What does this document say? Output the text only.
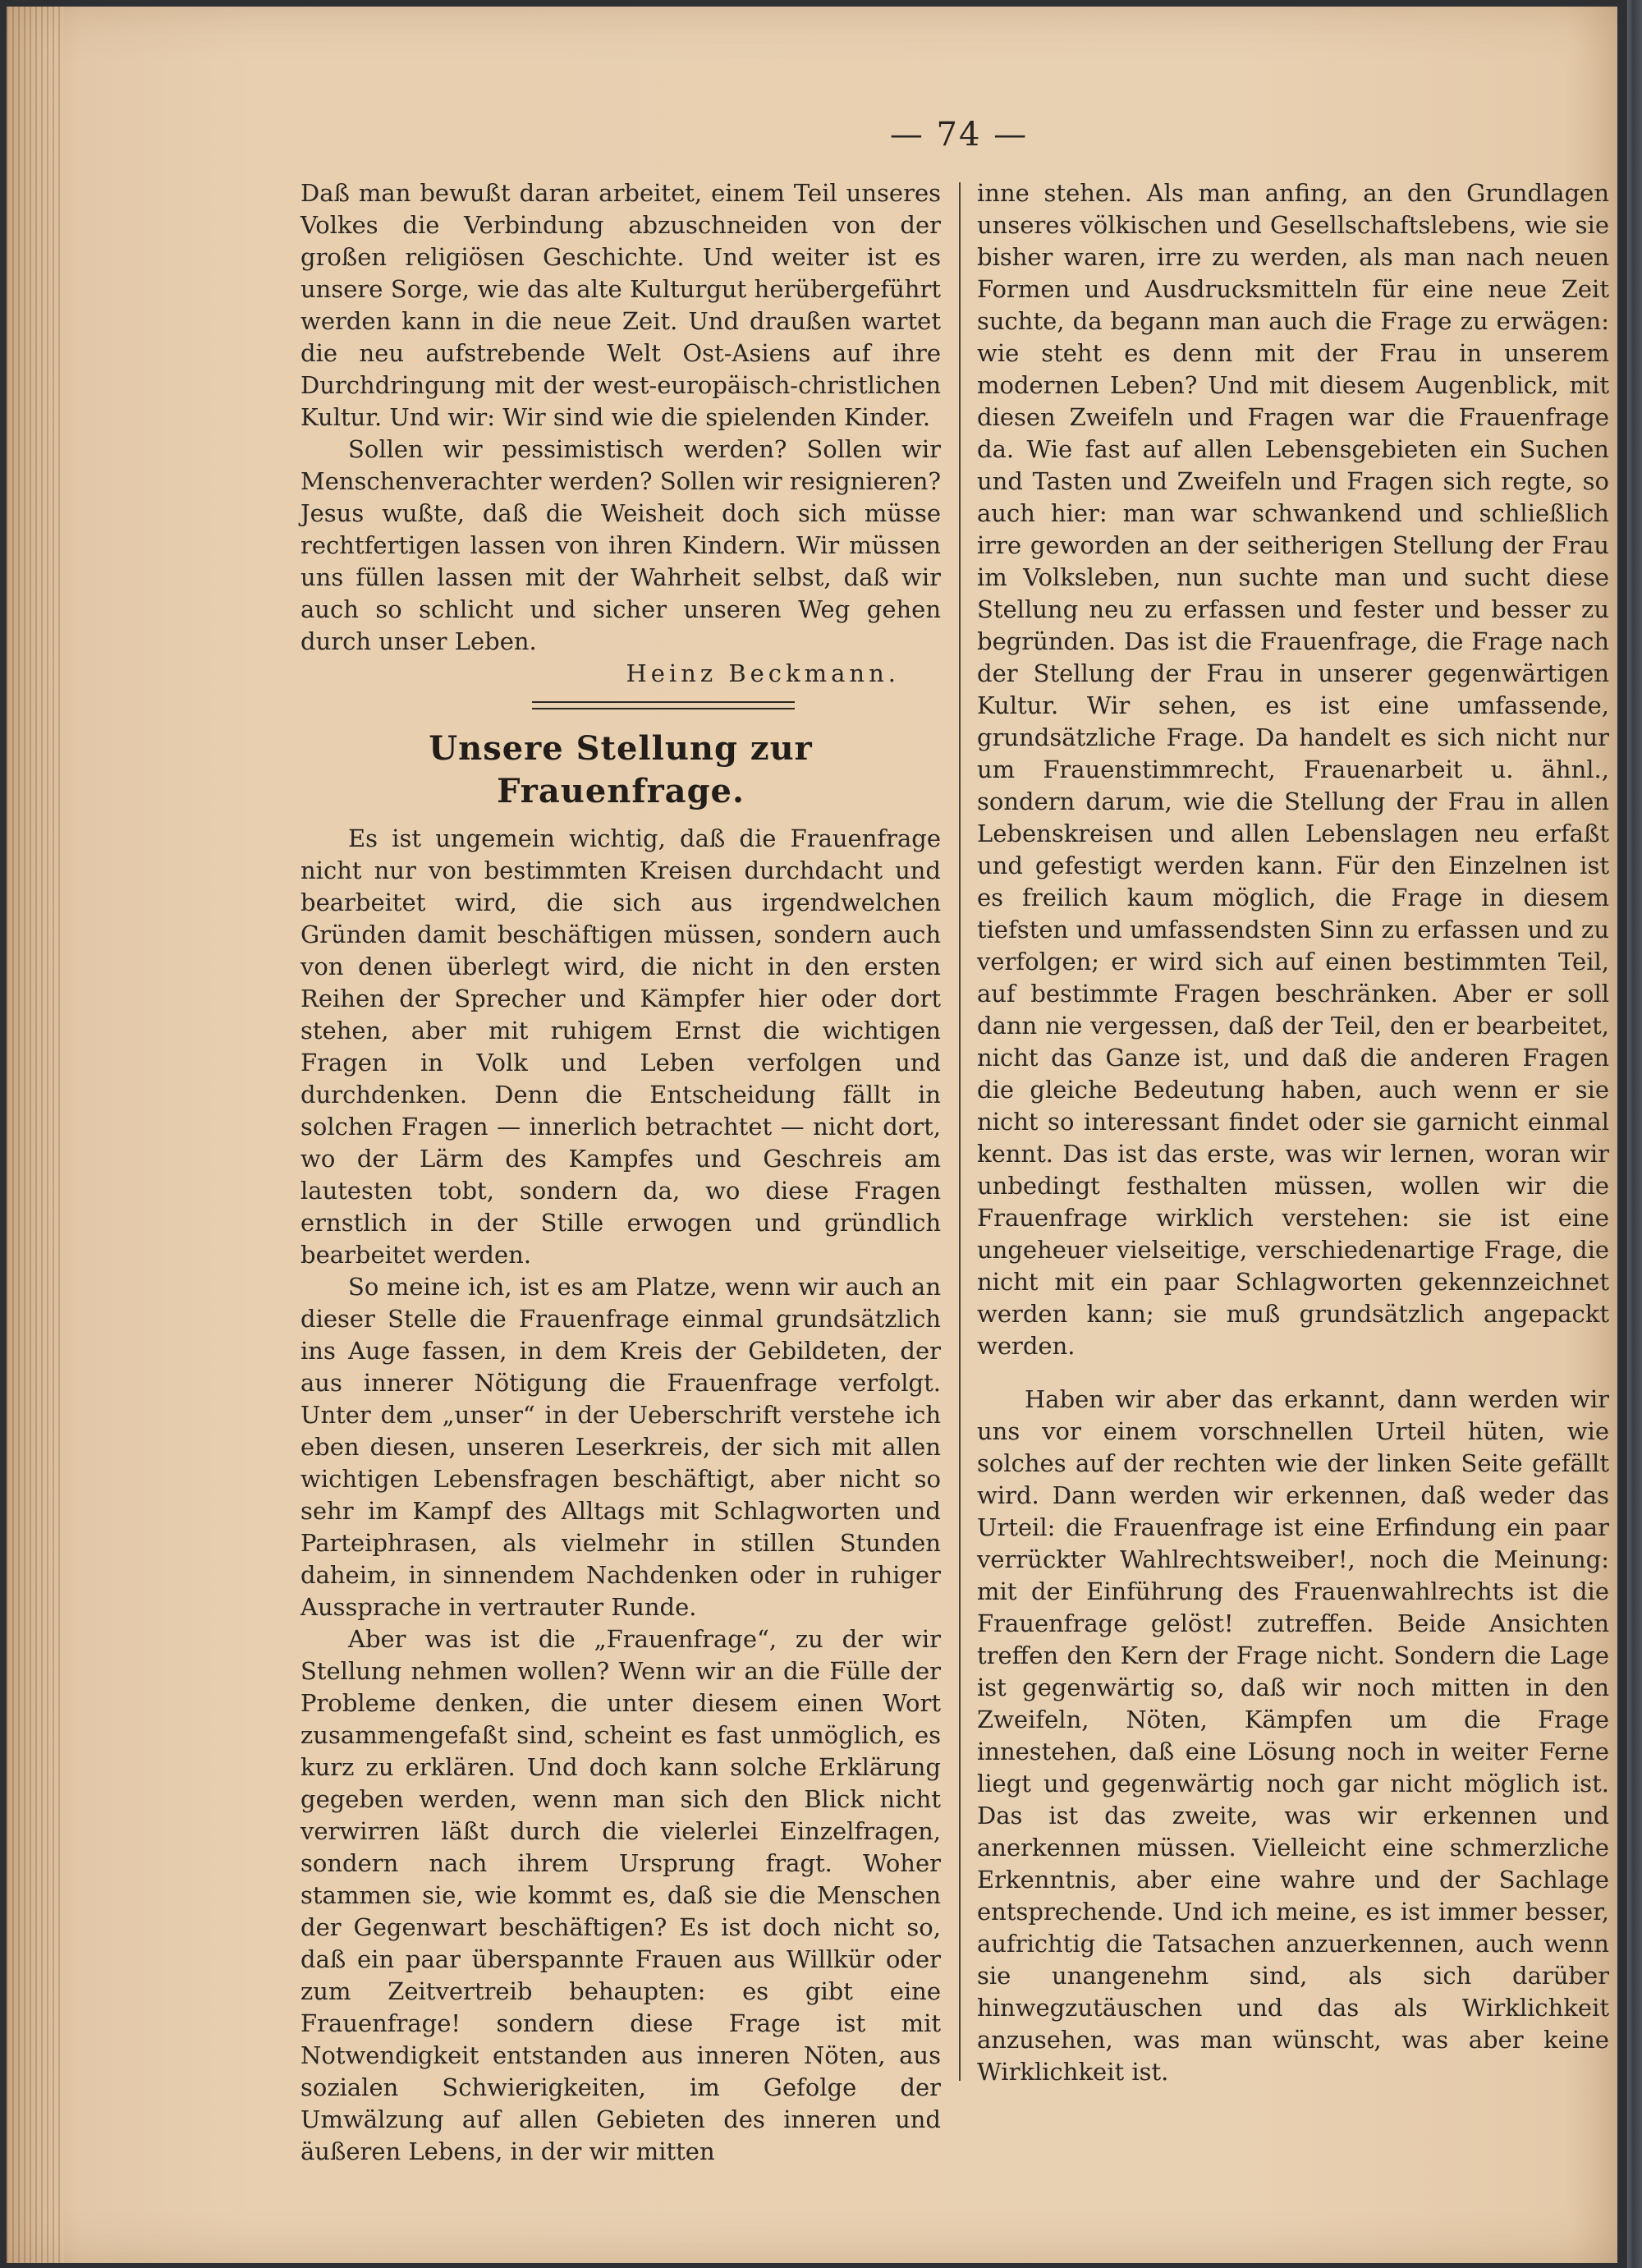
— 74 —

Daß man bewußt daran arbeitet, einem Teil unseres Volkes die Verbindung abzuschneiden von der großen religiösen Geschichte. Und weiter ist es unsere Sorge, wie das alte Kulturgut herübergeführt werden kann in die neue Zeit. Und draußen wartet die neu aufstrebende Welt Ost-Asiens auf ihre Durchdringung mit der west-europäisch-christlichen Kultur. Und wir: Wir sind wie die spielenden Kinder.

Sollen wir pessimistisch werden? Sollen wir Menschenverachter werden? Sollen wir resignieren? Jesus wußte, daß die Weisheit doch sich müsse rechtfertigen lassen von ihren Kindern. Wir müssen uns füllen lassen mit der Wahrheit selbst, daß wir auch so schlicht und sicher unseren Weg gehen durch unser Leben.

Heinz Beckmann.

Unsere Stellung zur Frauenfrage.

Es ist ungemein wichtig, daß die Frauenfrage nicht nur von bestimmten Kreisen durchdacht und bearbeitet wird, die sich aus irgendwelchen Gründen damit beschäftigen müssen, sondern auch von denen überlegt wird, die nicht in den ersten Reihen der Sprecher und Kämpfer hier oder dort stehen, aber mit ruhigem Ernst die wichtigen Fragen in Volk und Leben verfolgen und durchdenken. Denn die Entscheidung fällt in solchen Fragen — innerlich betrachtet — nicht dort, wo der Lärm des Kampfes und Geschreis am lautesten tobt, sondern da, wo diese Fragen ernstlich in der Stille erwogen und gründlich bearbeitet werden.

So meine ich, ist es am Platze, wenn wir auch an dieser Stelle die Frauenfrage einmal grundsätzlich ins Auge fassen, in dem Kreis der Gebildeten, der aus innerer Nötigung die Frauenfrage verfolgt. Unter dem „unser“ in der Ueberschrift verstehe ich eben diesen, unseren Leserkreis, der sich mit allen wichtigen Lebensfragen beschäftigt, aber nicht so sehr im Kampf des Alltags mit Schlagworten und Parteiphrasen, als vielmehr in stillen Stunden daheim, in sinnendem Nachdenken oder in ruhiger Aussprache in vertrauter Runde.

Aber was ist die „Frauenfrage“, zu der wir Stellung nehmen wollen? Wenn wir an die Fülle der Probleme denken, die unter diesem einen Wort zusammengefaßt sind, scheint es fast unmöglich, es kurz zu erklären. Und doch kann solche Erklärung gegeben werden, wenn man sich den Blick nicht verwirren läßt durch die vielerlei Einzelfragen, sondern nach ihrem Ursprung fragt. Woher stammen sie, wie kommt es, daß sie die Menschen der Gegenwart beschäftigen? Es ist doch nicht so, daß ein paar überspannte Frauen aus Willkür oder zum Zeitvertreib behaupten: es gibt eine Frauenfrage! sondern diese Frage ist mit Notwendigkeit entstanden aus inneren Nöten, aus sozialen Schwierigkeiten, im Gefolge der Umwälzung auf allen Gebieten des inneren und äußeren Lebens, in der wir mitten

inne stehen. Als man anfing, an den Grundlagen unseres völkischen und Gesellschaftslebens, wie sie bisher waren, irre zu werden, als man nach neuen Formen und Ausdrucksmitteln für eine neue Zeit suchte, da begann man auch die Frage zu erwägen: wie steht es denn mit der Frau in unserem modernen Leben? Und mit diesem Augenblick, mit diesen Zweifeln und Fragen war die Frauenfrage da. Wie fast auf allen Lebensgebieten ein Suchen und Tasten und Zweifeln und Fragen sich regte, so auch hier: man war schwankend und schließlich irre geworden an der seitherigen Stellung der Frau im Volksleben, nun suchte man und sucht diese Stellung neu zu erfassen und fester und besser zu begründen. Das ist die Frauenfrage, die Frage nach der Stellung der Frau in unserer gegenwärtigen Kultur. Wir sehen, es ist eine umfassende, grundsätzliche Frage. Da handelt es sich nicht nur um Frauenstimmrecht, Frauenarbeit u. ähnl., sondern darum, wie die Stellung der Frau in allen Lebenskreisen und allen Lebenslagen neu erfaßt und gefestigt werden kann. Für den Einzelnen ist es freilich kaum möglich, die Frage in diesem tiefsten und umfassendsten Sinn zu erfassen und zu verfolgen; er wird sich auf einen bestimmten Teil, auf bestimmte Fragen beschränken. Aber er soll dann nie vergessen, daß der Teil, den er bearbeitet, nicht das Ganze ist, und daß die anderen Fragen die gleiche Bedeutung haben, auch wenn er sie nicht so interessant findet oder sie garnicht einmal kennt. Das ist das erste, was wir lernen, woran wir unbedingt festhalten müssen, wollen wir die Frauenfrage wirklich verstehen: sie ist eine ungeheuer vielseitige, verschiedenartige Frage, die nicht mit ein paar Schlagworten gekennzeichnet werden kann; sie muß grundsätzlich angepackt werden.

Haben wir aber das erkannt, dann werden wir uns vor einem vorschnellen Urteil hüten, wie solches auf der rechten wie der linken Seite gefällt wird. Dann werden wir erkennen, daß weder das Urteil: die Frauenfrage ist eine Erfindung ein paar verrückter Wahlrechtsweiber!, noch die Meinung: mit der Einführung des Frauenwahlrechts ist die Frauenfrage gelöst! zutreffen. Beide Ansichten treffen den Kern der Frage nicht. Sondern die Lage ist gegenwärtig so, daß wir noch mitten in den Zweifeln, Nöten, Kämpfen um die Frage innestehen, daß eine Lösung noch in weiter Ferne liegt und gegenwärtig noch gar nicht möglich ist. Das ist das zweite, was wir erkennen und anerkennen müssen. Vielleicht eine schmerzliche Erkenntnis, aber eine wahre und der Sachlage entsprechende. Und ich meine, es ist immer besser, aufrichtig die Tatsachen anzuerkennen, auch wenn sie unangenehm sind, als sich darüber hinwegzutäuschen und das als Wirklichkeit anzusehen, was man wünscht, was aber keine Wirklichkeit ist.
